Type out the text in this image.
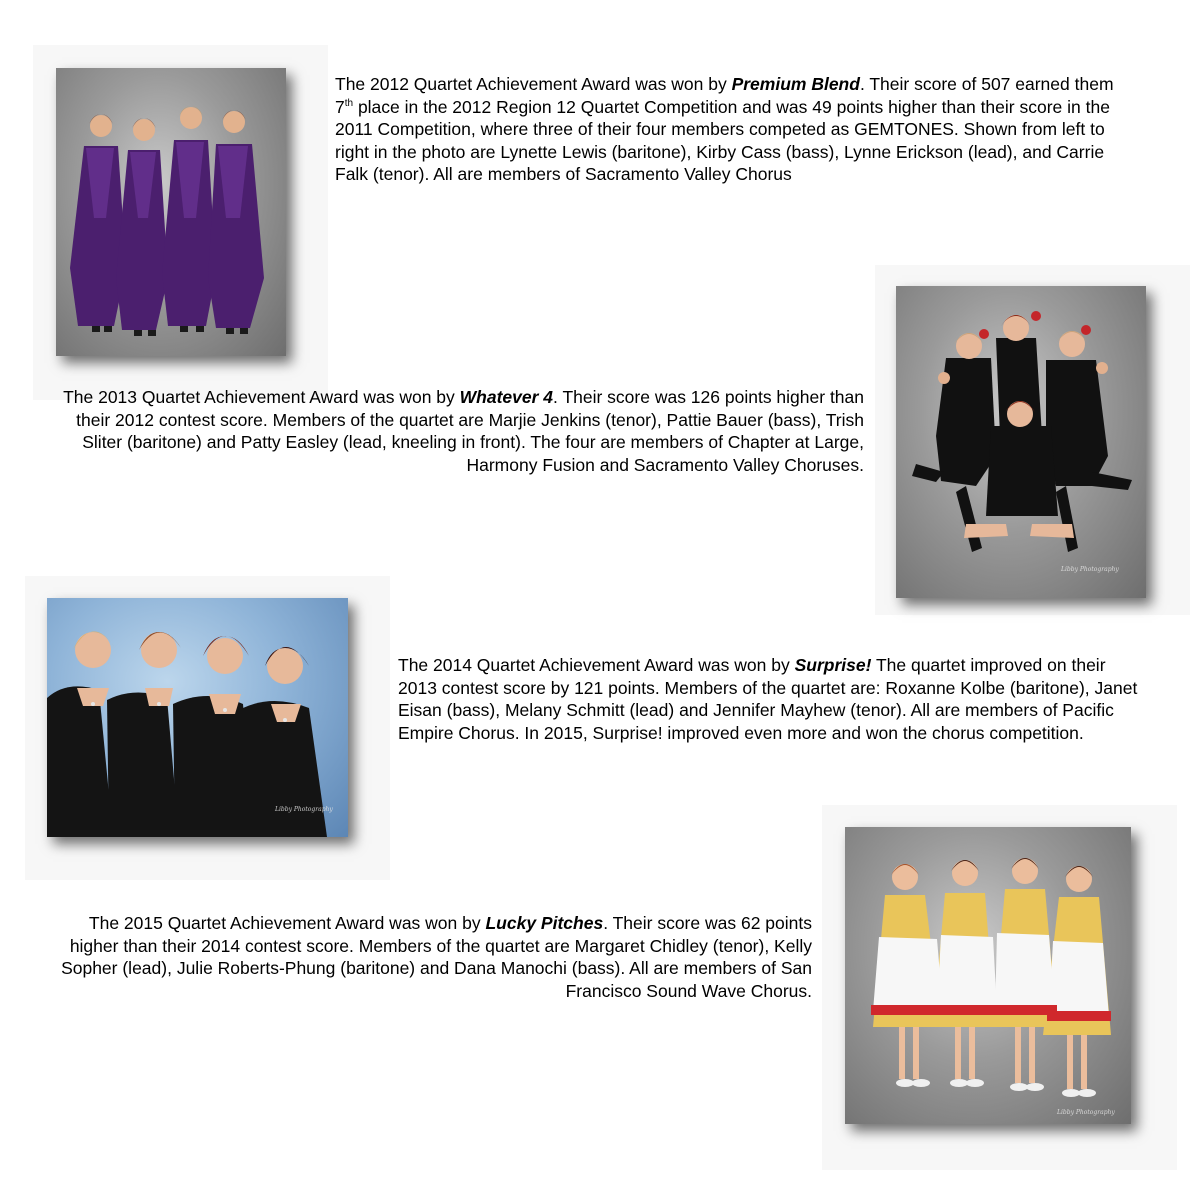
The 2012 Quartet Achievement Award was won by Premium Blend. Their score of 507 earned them 7th place in the 2012 Region 12 Quartet Competition and was 49 points higher than their score in the 2011 Competition, where three of their four members competed as GEMTONES. Shown from left to right in the photo are Lynette Lewis (baritone), Kirby Cass (bass), Lynne Erickson (lead), and Carrie Falk (tenor). All are members of Sacramento Valley Chorus
Libby Photography
The 2013 Quartet Achievement Award was won by Whatever 4. Their score was 126 points higher than their 2012 contest score. Members of the quartet are Marjie Jenkins (tenor), Pattie Bauer (bass), Trish Sliter (baritone) and Patty Easley (lead, kneeling in front). The four are members of Chapter at Large, Harmony Fusion and Sacramento Valley Choruses.
Libby Photography
The 2014 Quartet Achievement Award was won by Surprise! The quartet improved on their 2013 contest score by 121 points. Members of the quartet are: Roxanne Kolbe (baritone), Janet Eisan (bass), Melany Schmitt (lead) and Jennifer Mayhew (tenor). All are members of Pacific Empire Chorus. In 2015, Surprise! improved even more and won the chorus competition.
Libby Photography
The 2015 Quartet Achievement Award was won by Lucky Pitches. Their score was 62 points higher than their 2014 contest score. Members of the quartet are Margaret Chidley (tenor), Kelly Sopher (lead), Julie Roberts-Phung (baritone) and Dana Manochi (bass). All are members of San Francisco Sound Wave Chorus.
